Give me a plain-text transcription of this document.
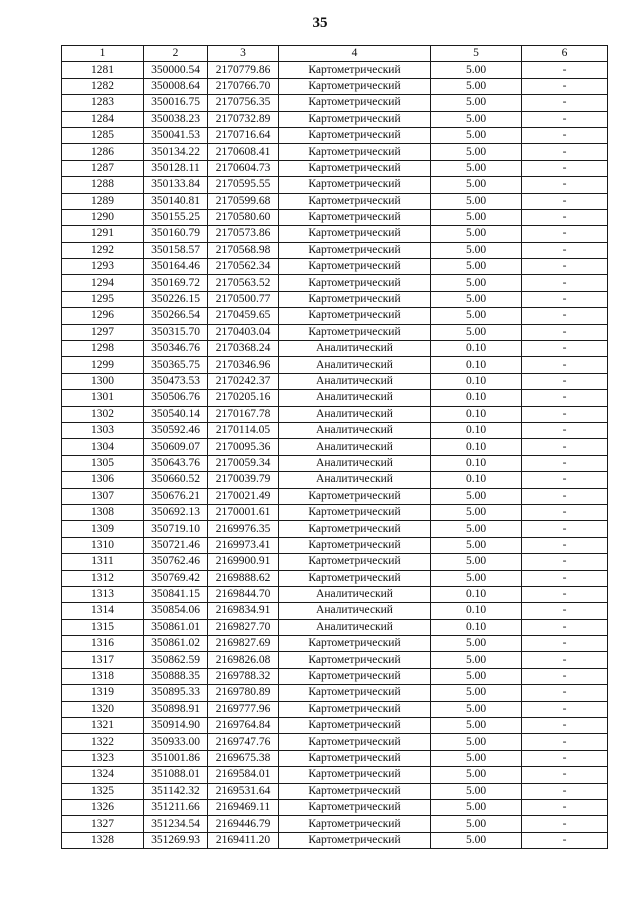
35
1	2	3	4	5	6
1281	350000.54	2170779.86	Картометрический	5.00	-
1282	350008.64	2170766.70	Картометрический	5.00	-
1283	350016.75	2170756.35	Картометрический	5.00	-
1284	350038.23	2170732.89	Картометрический	5.00	-
1285	350041.53	2170716.64	Картометрический	5.00	-
1286	350134.22	2170608.41	Картометрический	5.00	-
1287	350128.11	2170604.73	Картометрический	5.00	-
1288	350133.84	2170595.55	Картометрический	5.00	-
1289	350140.81	2170599.68	Картометрический	5.00	-
1290	350155.25	2170580.60	Картометрический	5.00	-
1291	350160.79	2170573.86	Картометрический	5.00	-
1292	350158.57	2170568.98	Картометрический	5.00	-
1293	350164.46	2170562.34	Картометрический	5.00	-
1294	350169.72	2170563.52	Картометрический	5.00	-
1295	350226.15	2170500.77	Картометрический	5.00	-
1296	350266.54	2170459.65	Картометрический	5.00	-
1297	350315.70	2170403.04	Картометрический	5.00	-
1298	350346.76	2170368.24	Аналитический	0.10	-
1299	350365.75	2170346.96	Аналитический	0.10	-
1300	350473.53	2170242.37	Аналитический	0.10	-
1301	350506.76	2170205.16	Аналитический	0.10	-
1302	350540.14	2170167.78	Аналитический	0.10	-
1303	350592.46	2170114.05	Аналитический	0.10	-
1304	350609.07	2170095.36	Аналитический	0.10	-
1305	350643.76	2170059.34	Аналитический	0.10	-
1306	350660.52	2170039.79	Аналитический	0.10	-
1307	350676.21	2170021.49	Картометрический	5.00	-
1308	350692.13	2170001.61	Картометрический	5.00	-
1309	350719.10	2169976.35	Картометрический	5.00	-
1310	350721.46	2169973.41	Картометрический	5.00	-
1311	350762.46	2169900.91	Картометрический	5.00	-
1312	350769.42	2169888.62	Картометрический	5.00	-
1313	350841.15	2169844.70	Аналитический	0.10	-
1314	350854.06	2169834.91	Аналитический	0.10	-
1315	350861.01	2169827.70	Аналитический	0.10	-
1316	350861.02	2169827.69	Картометрический	5.00	-
1317	350862.59	2169826.08	Картометрический	5.00	-
1318	350888.35	2169788.32	Картометрический	5.00	-
1319	350895.33	2169780.89	Картометрический	5.00	-
1320	350898.91	2169777.96	Картометрический	5.00	-
1321	350914.90	2169764.84	Картометрический	5.00	-
1322	350933.00	2169747.76	Картометрический	5.00	-
1323	351001.86	2169675.38	Картометрический	5.00	-
1324	351088.01	2169584.01	Картометрический	5.00	-
1325	351142.32	2169531.64	Картометрический	5.00	-
1326	351211.66	2169469.11	Картометрический	5.00	-
1327	351234.54	2169446.79	Картометрический	5.00	-
1328	351269.93	2169411.20	Картометрический	5.00	-
